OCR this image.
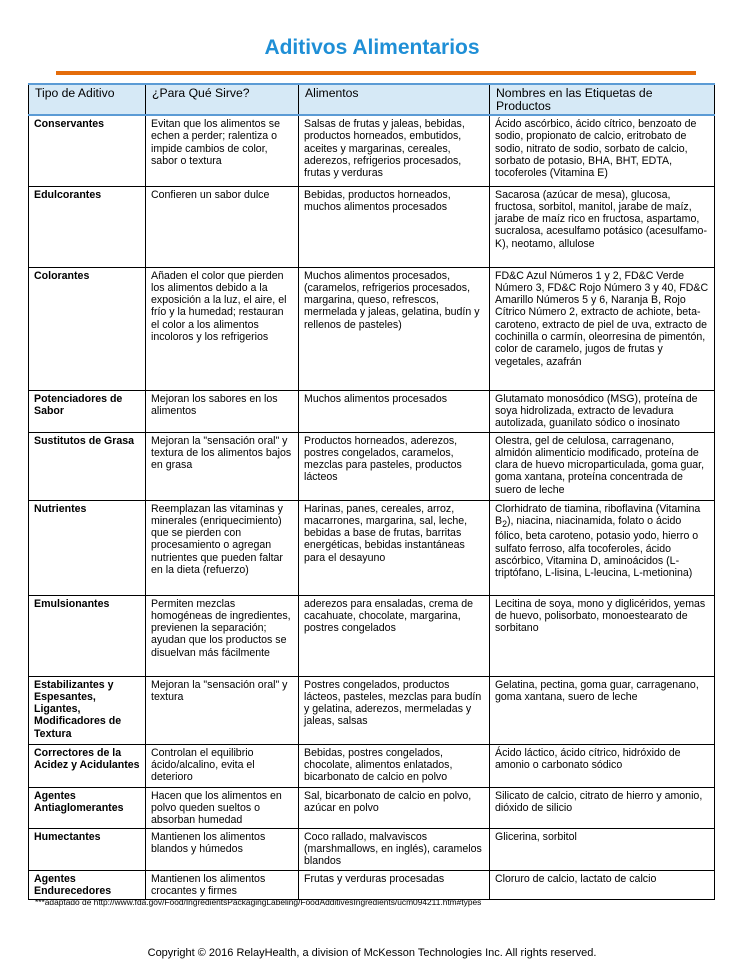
Aditivos Alimentarios
Tipo de Aditivo	¿Para Qué Sirve?	Alimentos	Nombres en las Etiquetas de Productos
Conservantes	Evitan que los alimentos se echen a perder; ralentiza o impide cambios de color, sabor o textura	Salsas de frutas y jaleas, bebidas, productos horneados, embutidos, aceites y margarinas, cereales, aderezos, refrigerios procesados, frutas y verduras	Ácido ascórbico, ácido cítrico, benzoato de sodio, propionato de calcio, eritrobato de sodio, nitrato de sodio, sorbato de calcio, sorbato de potasio, BHA, BHT, EDTA, tocoferoles (Vitamina E)
Edulcorantes	Confieren un sabor dulce	Bebidas, productos horneados, muchos alimentos procesados	Sacarosa (azúcar de mesa), glucosa, fructosa, sorbitol, manitol, jarabe de maíz, jarabe de maíz rico en fructosa, aspartamo, sucralosa, acesulfamo potásico (acesulfamo-K), neotamo, allulose
Colorantes	Añaden el color que pierden los alimentos debido a la exposición a la luz, el aire, el frío y la humedad; restauran el color a los alimentos incoloros y los refrigerios	Muchos alimentos procesados, (caramelos, refrigerios procesados, margarina, queso, refrescos, mermelada y jaleas, gelatina, budín y rellenos de pasteles)	FD&C Azul Números 1 y 2, FD&C Verde Número 3, FD&C Rojo Número 3 y 40, FD&C Amarillo Números 5 y 6, Naranja B, Rojo Cítrico Número 2, extracto de achiote, beta-caroteno, extracto de piel de uva, extracto de cochinilla o carmín, oleorresina de pimentón, color de caramelo, jugos de frutas y vegetales, azafrán
Potenciadores de Sabor	Mejoran los sabores en los alimentos	Muchos alimentos procesados	Glutamato monosódico (MSG), proteína de soya hidrolizada, extracto de levadura autolizada, guanilato sódico o inosinato
Sustitutos de Grasa	Mejoran la "sensación oral" y textura de los alimentos bajos en grasa	Productos horneados, aderezos, postres congelados, caramelos, mezclas para pasteles, productos lácteos	Olestra, gel de celulosa, carragenano, almidón alimenticio modificado, proteína de clara de huevo microparticulada, goma guar, goma xantana, proteína concentrada de suero de leche
Nutrientes	Reemplazan las vitaminas y minerales (enriquecimiento) que se pierden con procesamiento o agregan nutrientes que pueden faltar en la dieta (refuerzo)	Harinas, panes, cereales, arroz, macarrones, margarina, sal, leche, bebidas a base de frutas, barritas energéticas, bebidas instantáneas para el desayuno	Clorhidrato de tiamina, riboflavina (Vitamina $B_2$), niacina, niacinamida, folato o ácido fólico, beta caroteno, potasio yodo, hierro o sulfato ferroso, alfa tocoferoles, ácido ascórbico, Vitamina D, aminoácidos (L-triptófano, L-lisina, L-leucina, L-metionina)
Emulsionantes	Permiten mezclas homogéneas de ingredientes, previenen la separación; ayudan que los productos se disuelvan más fácilmente	aderezos para ensaladas, crema de cacahuate, chocolate, margarina, postres congelados	Lecitina de soya, mono y diglicéridos, yemas de huevo, polisorbato, monoestearato de sorbitano
Estabilizantes y Espesantes, Ligantes, Modificadores de Textura	Mejoran la "sensación oral" y textura	Postres congelados, productos lácteos, pasteles, mezclas para budín y gelatina, aderezos, mermeladas y jaleas, salsas	Gelatina, pectina, goma guar, carragenano, goma xantana, suero de leche
Correctores de la Acidez y Acidulantes	Controlan el equilibrio ácido/alcalino, evita el deterioro	Bebidas, postres congelados, chocolate, alimentos enlatados, bicarbonato de calcio en polvo	Ácido láctico, ácido cítrico, hidróxido de amonio o carbonato sódico
Agentes Antiaglomerantes	Hacen que los alimentos en polvo queden sueltos o absorban humedad	Sal, bicarbonato de calcio en polvo, azúcar en polvo	Silicato de calcio, citrato de hierro y amonio, dióxido de silicio
Humectantes	Mantienen los alimentos blandos y húmedos	Coco rallado, malvaviscos (marshmallows, en inglés), caramelos blandos	Glicerina, sorbitol
Agentes Endurecedores	Mantienen los alimentos crocantes y firmes	Frutas y verduras procesadas	Cloruro de calcio, lactato de calcio
***adaptado de http://www.fda.gov/Food/IngredientsPackagingLabeling/FoodAdditivesIngredients/ucm094211.htm#types
Copyright © 2016 RelayHealth, a division of McKesson Technologies Inc. All rights reserved.
